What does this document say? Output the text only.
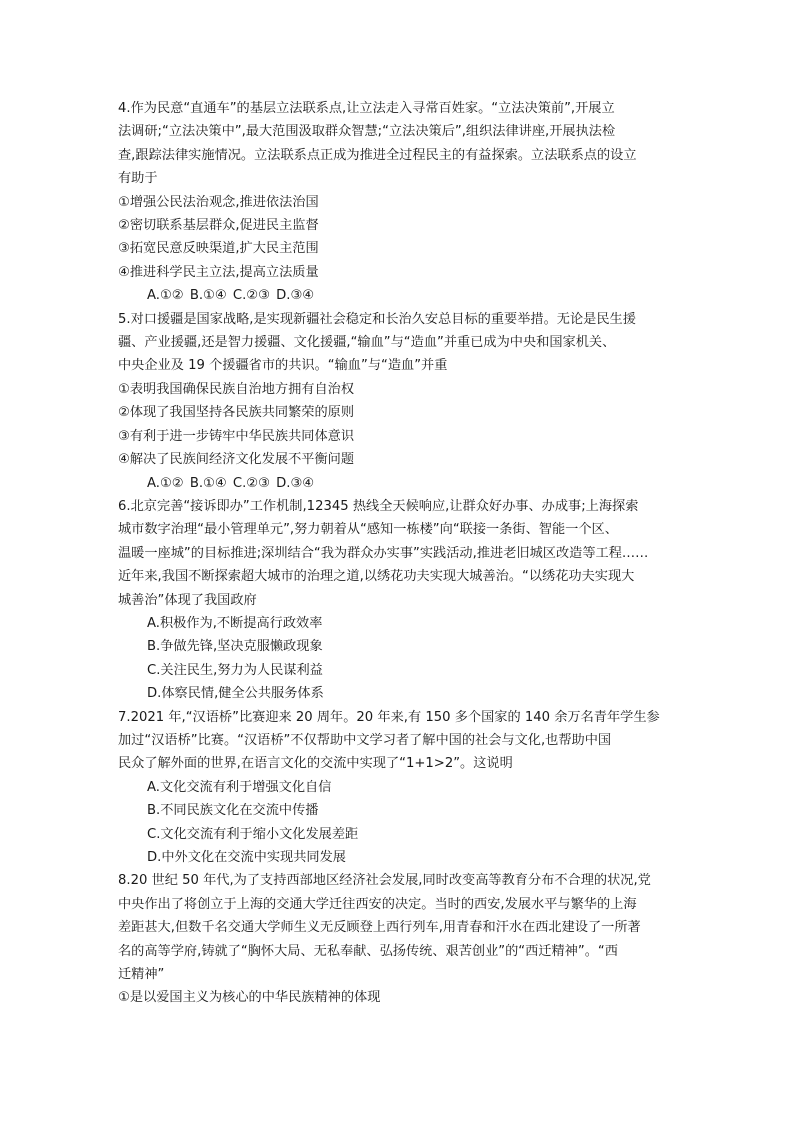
4.作为民意“直通车”的基层立法联系点,让立法走入寻常百姓家。“立法决策前”,开展立
法调研;“立法决策中”,最大范围汲取群众智慧;“立法决策后”,组织法律讲座,开展执法检
查,跟踪法律实施情况。立法联系点正成为推进全过程民主的有益探索。立法联系点的设立
有助于
①增强公民法治观念,推进依法治国
②密切联系基层群众,促进民主监督
③拓宽民意反映渠道,扩大民主范围
④推进科学民主立法,提高立法质量
A.①② B.①④ C.②③ D.③④
5.对口援疆是国家战略,是实现新疆社会稳定和长治久安总目标的重要举措。无论是民生援
疆、产业援疆,还是智力援疆、文化援疆,“输血”与“造血”并重已成为中央和国家机关、
中央企业及 19 个援疆省市的共识。“输血”与“造血”并重
①表明我国确保民族自治地方拥有自治权
②体现了我国坚持各民族共同繁荣的原则
③有利于进一步铸牢中华民族共同体意识
④解决了民族间经济文化发展不平衡问题
A.①② B.①④ C.②③ D.③④
6.北京完善“接诉即办”工作机制,12345 热线全天候响应,让群众好办事、办成事;上海探索
城市数字治理“最小管理单元”,努力朝着从“感知一栋楼”向“联接一条街、智能一个区、
温暖一座城”的目标推进;深圳结合“我为群众办实事”实践活动,推进老旧城区改造等工程……
近年来,我国不断探索超大城市的治理之道,以绣花功夫实现大城善治。“以绣花功夫实现大
城善治”体现了我国政府
A.积极作为,不断提高行政效率
B.争做先锋,坚决克服懒政现象
C.关注民生,努力为人民谋利益
D.体察民情,健全公共服务体系
7.2021 年,“汉语桥”比赛迎来 20 周年。20 年来,有 150 多个国家的 140 余万名青年学生参
加过“汉语桥”比赛。“汉语桥”不仅帮助中文学习者了解中国的社会与文化,也帮助中国
民众了解外面的世界,在语言文化的交流中实现了“1+1>2”。这说明
A.文化交流有利于增强文化自信
B.不同民族文化在交流中传播
C.文化交流有利于缩小文化发展差距
D.中外文化在交流中实现共同发展
8.20 世纪 50 年代,为了支持西部地区经济社会发展,同时改变高等教育分布不合理的状况,党
中央作出了将创立于上海的交通大学迁往西安的决定。当时的西安,发展水平与繁华的上海
差距甚大,但数千名交通大学师生义无反顾登上西行列车,用青春和汗水在西北建设了一所著
名的高等学府,铸就了“胸怀大局、无私奉献、弘扬传统、艰苦创业”的“西迁精神”。“西
迁精神”
①是以爱国主义为核心的中华民族精神的体现
